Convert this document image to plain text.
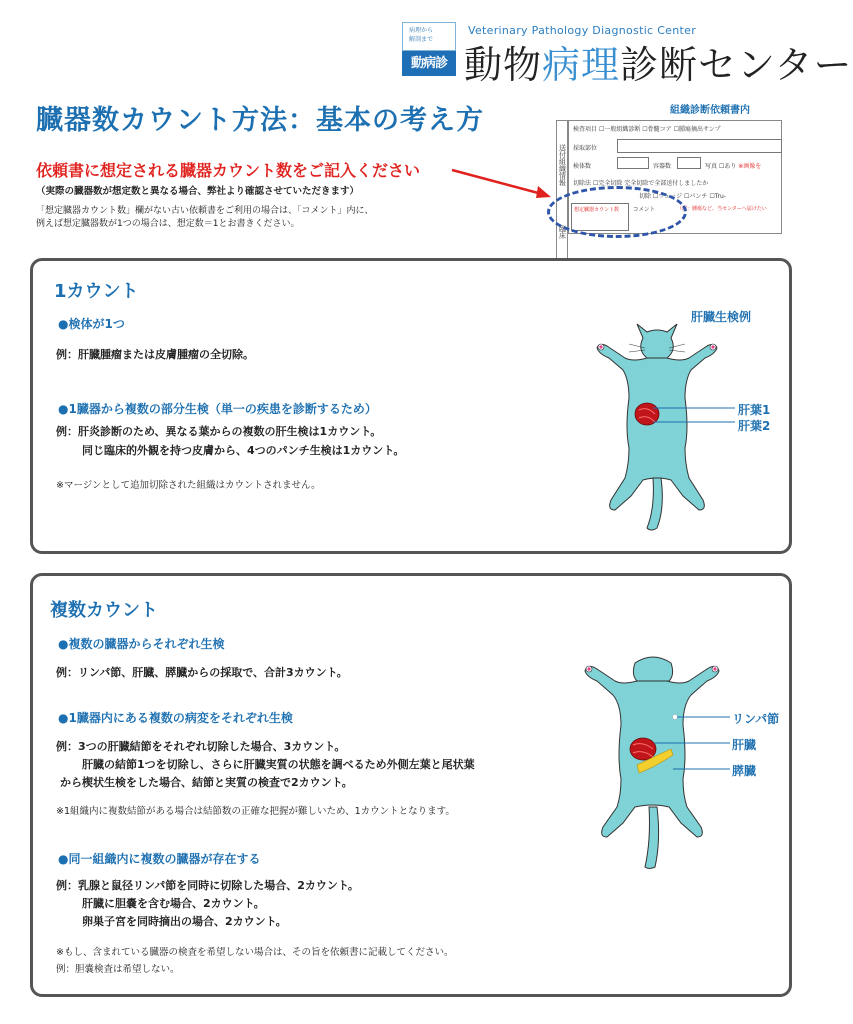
病理から
解剖まで
動病診
Veterinary Pathology Diagnostic Center
動物病理診断センター
臓器数カウント方法：基本の考え方
依頼書に想定される臓器カウント数をご記入ください
（実際の臓器数が想定数と異なる場合、弊社より確認させていただきます）
「想定臓器カウント数」欄がない古い依頼書をご利用の場合は、「コメント」内に、
例えば想定臓器数が1つの場合は、想定数＝1とお書きください。
組織診断依頼書内
送付組織情報
臨床
検査項目 ☐一般組織診断 ☐骨髄コア ☐腫瘍摘出サンプ
採取部位
検体数	容器数	写真 ☐あり ※画像を
切除法 ☐完全切除 完全切除で全部送付しましたか
切除 ☐ウェッジ ☐パンチ ☐Tru-
想定臓器カウント数	コメント	（例：腫瘍など、当センターへ届けたい
1カウント
●検体が1つ
例：肝臓腫瘤または皮膚腫瘤の全切除。
●1臓器から複数の部分生検（単一の疾患を診断するため）
例：肝炎診断のため、異なる葉からの複数の肝生検は1カウント。
同じ臨床的外観を持つ皮膚から、4つのパンチ生検は1カウント。
※マージンとして追加切除された組織はカウントされません。
肝臓生検例
肝葉1
肝葉2
複数カウント
●複数の臓器からそれぞれ生検
例：リンパ節、肝臓、膵臓からの採取で、合計3カウント。
●1臓器内にある複数の病変をそれぞれ生検
例：3つの肝臓結節をそれぞれ切除した場合、3カウント。
肝臓の結節1つを切除し、さらに肝臓実質の状態を調べるため外側左葉と尾状葉
から楔状生検をした場合、結節と実質の検査で2カウント。
※1組織内に複数結節がある場合は結節数の正確な把握が難しいため、1カウントとなります。
●同一組織内に複数の臓器が存在する
例：乳腺と鼠径リンパ節を同時に切除した場合、2カウント。
肝臓に胆嚢を含む場合、2カウント。
卵巣子宮を同時摘出の場合、2カウント。
※もし、含まれている臓器の検査を希望しない場合は、その旨を依頼書に記載してください。
例：胆嚢検査は希望しない。
リンパ節
肝臓
膵臓
